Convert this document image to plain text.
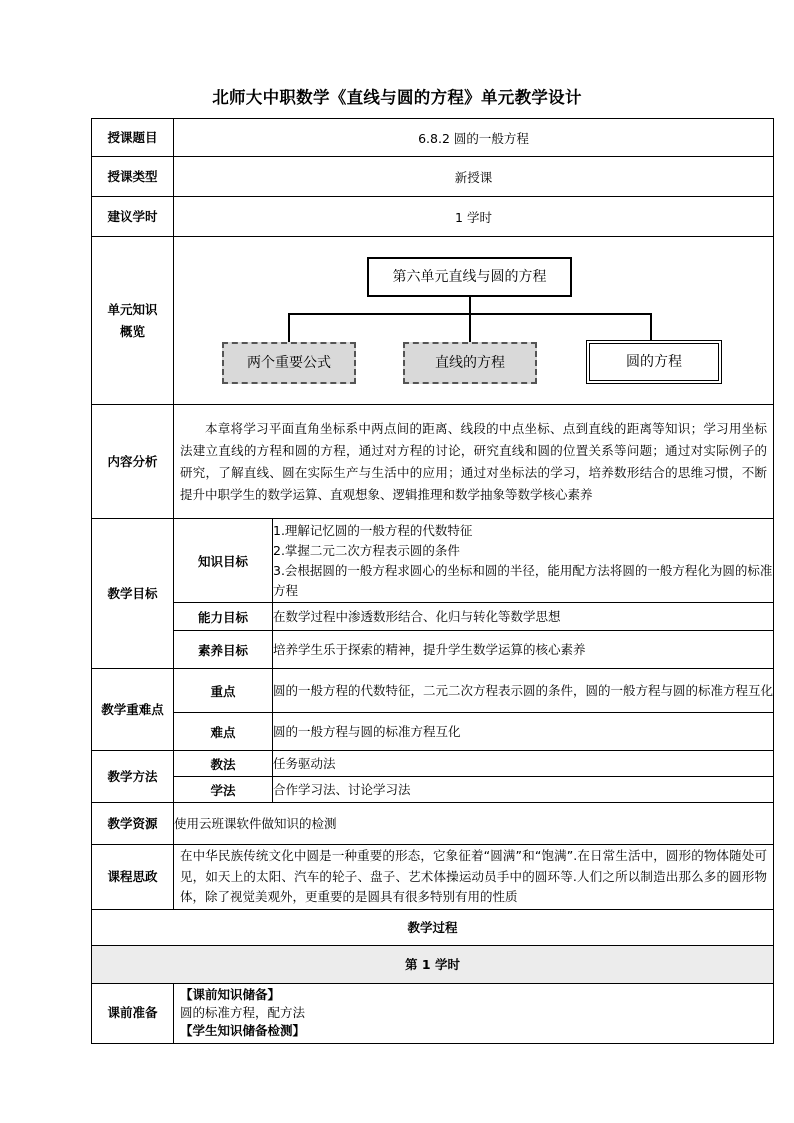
北师大中职数学《直线与圆的方程》单元教学设计
授课题目	6.8.2 圆的一般方程	
授课类型	新授课	
建议学时	1 学时	
单元知识概览	第六单元直线与圆的方程
两个重要公式 直线的方程 圆的方程	

内容分析	本章将学习平面直角坐标系中两点间的距离、线段的中点坐标、点到直线的距离等知识；学习用坐标法建立直线的方程和圆的方程，通过对方程的讨论，研究直线和圆的位置关系等问题；通过对实际例子的研究，了解直线、圆在实际生产与生活中的应用；通过对坐标法的学习，培养数形结合的思维习惯，不断提升中职学生的数学运算、直观想象、逻辑推理和数学抽象等数学核心素养	

教学目标	知识目标	1.理解记忆圆的一般方程的代数特征
2.掌握二元二次方程表示圆的条件
3.会根据圆的一般方程求圆心的坐标和圆的半径，能用配方法将圆的一般方程化为圆的标准方程

	能力目标	在数学过程中渗透数形结合、化归与转化等数学思想
	素养目标	培养学生乐于探索的精神，提升学生数学运算的核心素养
教学重难点	重点	圆的一般方程的代数特征，二元二次方程表示圆的条件，圆的一般方程与圆的标准方程互化
	难点	圆的一般方程与圆的标准方程互化
教学方法	教法	任务驱动法
	学法	合作学习法、讨论学习法
教学资源	使用云班课软件做知识的检测	
课程思政	在中华民族传统文化中圆是一种重要的形态，它象征着“圆满”和“饱满”.在日常生活中，圆形的物体随处可见，如天上的太阳、汽车的轮子、盘子、艺术体操运动员手中的圆环等.人们之所以制造出那么多的圆形物体，除了视觉美观外，更重要的是圆具有很多特别有用的性质	

教学过程		
第 1 学时		
课前准备	【课前知识储备】
圆的标准方程，配方法
【学生知识储备检测】	
